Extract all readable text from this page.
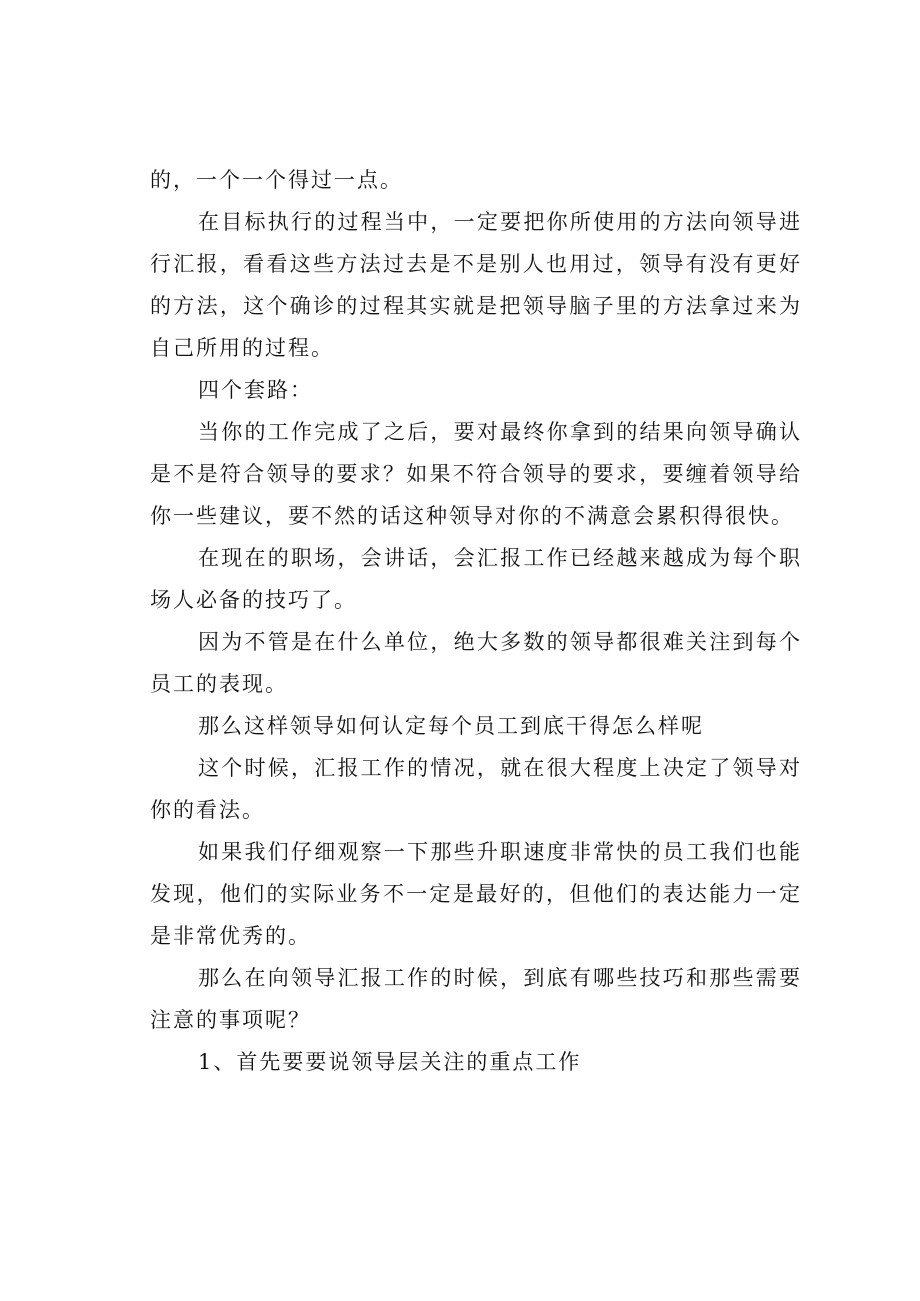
的，一个一个得过一点。

在目标执行的过程当中，一定要把你所使用的方法向领导进行汇报，看看这些方法过去是不是别人也用过，领导有没有更好的方法，这个确诊的过程其实就是把领导脑子里的方法拿过来为自己所用的过程。

四个套路：

当你的工作完成了之后，要对最终你拿到的结果向领导确认是不是符合领导的要求？如果不符合领导的要求，要缠着领导给你一些建议，要不然的话这种领导对你的不满意会累积得很快。

在现在的职场，会讲话，会汇报工作已经越来越成为每个职场人必备的技巧了。

因为不管是在什么单位，绝大多数的领导都很难关注到每个员工的表现。

那么这样领导如何认定每个员工到底干得怎么样呢

这个时候，汇报工作的情况，就在很大程度上决定了领导对你的看法。

如果我们仔细观察一下那些升职速度非常快的员工我们也能发现，他们的实际业务不一定是最好的，但他们的表达能力一定是非常优秀的。

那么在向领导汇报工作的时候，到底有哪些技巧和那些需要注意的事项呢？

1、首先要要说领导层关注的重点工作
